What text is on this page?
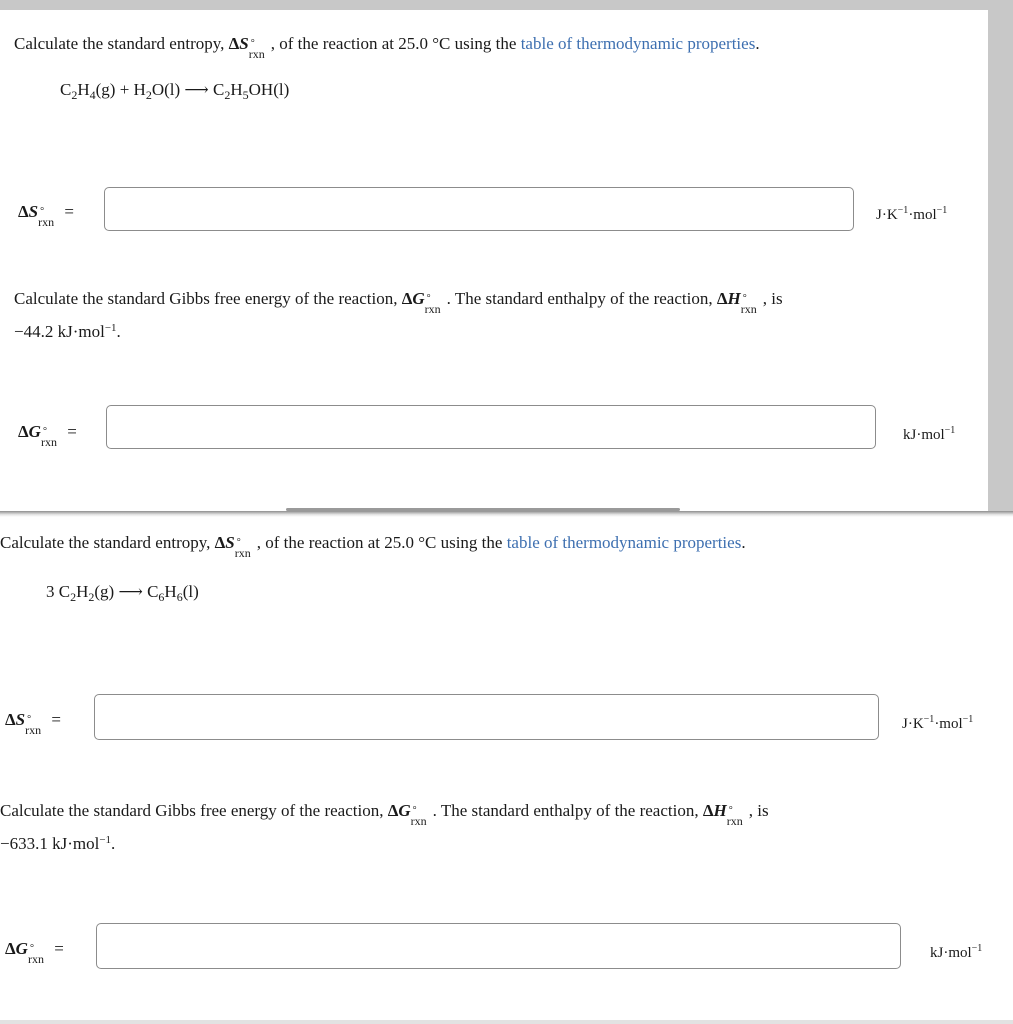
Calculate the standard entropy, ΔS °
rxn
, of the reaction at 25.0 °C using the table of thermodynamic properties.
$C_2H_4(g) + H_2O(l)$ ⟶ $C_2H_5OH(l)$
ΔS °
rxn
=	$J\cdot K^{-1}\cdot mol^{-1}$
Calculate the standard Gibbs free energy of the reaction, ΔG °
rxn
. The standard enthalpy of the reaction, ΔH °
rxn
, is
−44.2 kJ·mol$^{-1}$.
ΔG °
rxn
=	kJ·mol$^{-1}$
Calculate the standard entropy, ΔS °
rxn
, of the reaction at 25.0 °C using the table of thermodynamic properties.
3 $C_2H_2(g)$ ⟶ $C_6H_6(l)$
ΔS °
rxn
=	$J\cdot K^{-1}\cdot mol^{-1}$
Calculate the standard Gibbs free energy of the reaction, ΔG °
rxn
. The standard enthalpy of the reaction, ΔH °
rxn
, is
−633.1 kJ·mol$^{-1}$.
ΔG °
rxn
=	kJ·mol$^{-1}$
